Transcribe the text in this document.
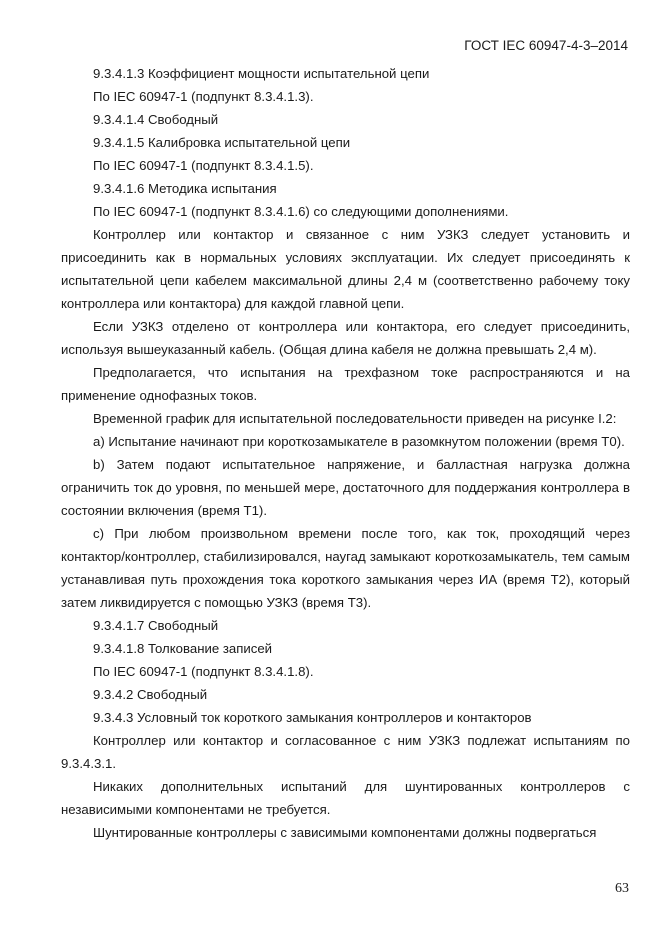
ГОСТ IEC 60947-4-3–2014

9.3.4.1.3 Коэффициент мощности испытательной цепи

По IEC 60947-1 (подпункт 8.3.4.1.3).

9.3.4.1.4 Свободный

9.3.4.1.5 Калибровка испытательной цепи

По IEC 60947-1 (подпункт 8.3.4.1.5).

9.3.4.1.6 Методика испытания

По IEC 60947-1 (подпункт 8.3.4.1.6) со следующими дополнениями.

Контроллер или контактор и связанное с ним УЗКЗ следует установить и присоединить как в нормальных условиях эксплуатации. Их следует присоединять к испытательной цепи кабелем максимальной длины 2,4 м (соответственно рабочему току контроллера или контактора) для каждой главной цепи.

Если УЗКЗ отделено от контроллера или контактора, его следует присоединить, используя вышеуказанный кабель. (Общая длина кабеля не должна превышать 2,4 м).

Предполагается, что испытания на трехфазном токе распространяются и на применение однофазных токов.

Временной график для испытательной последовательности приведен на рисунке I.2:

а) Испытание начинают при короткозамыкателе в разомкнутом положении (время Т0).

b) Затем подают испытательное напряжение, и балластная нагрузка должна ограничить ток до уровня, по меньшей мере, достаточного для поддержания контроллера в состоянии включения (время Т1).

с) При любом произвольном времени после того, как ток, проходящий через контактор/контроллер, стабилизировался, наугад замыкают короткозамыкатель, тем самым устанавливая путь прохождения тока короткого замыкания через ИА (время Т2), который затем ликвидируется с помощью УЗКЗ (время Т3).

9.3.4.1.7 Свободный

9.3.4.1.8 Толкование записей

По IEC 60947-1 (подпункт 8.3.4.1.8).

9.3.4.2 Свободный

9.3.4.3 Условный ток короткого замыкания контроллеров и контакторов

Контроллер или контактор и согласованное с ним УЗКЗ подлежат испытаниям по 9.3.4.3.1.

Никаких дополнительных испытаний для шунтированных контроллеров с независимыми компонентами не требуется.

Шунтированные контроллеры с зависимыми компонентами должны подвергаться

63
